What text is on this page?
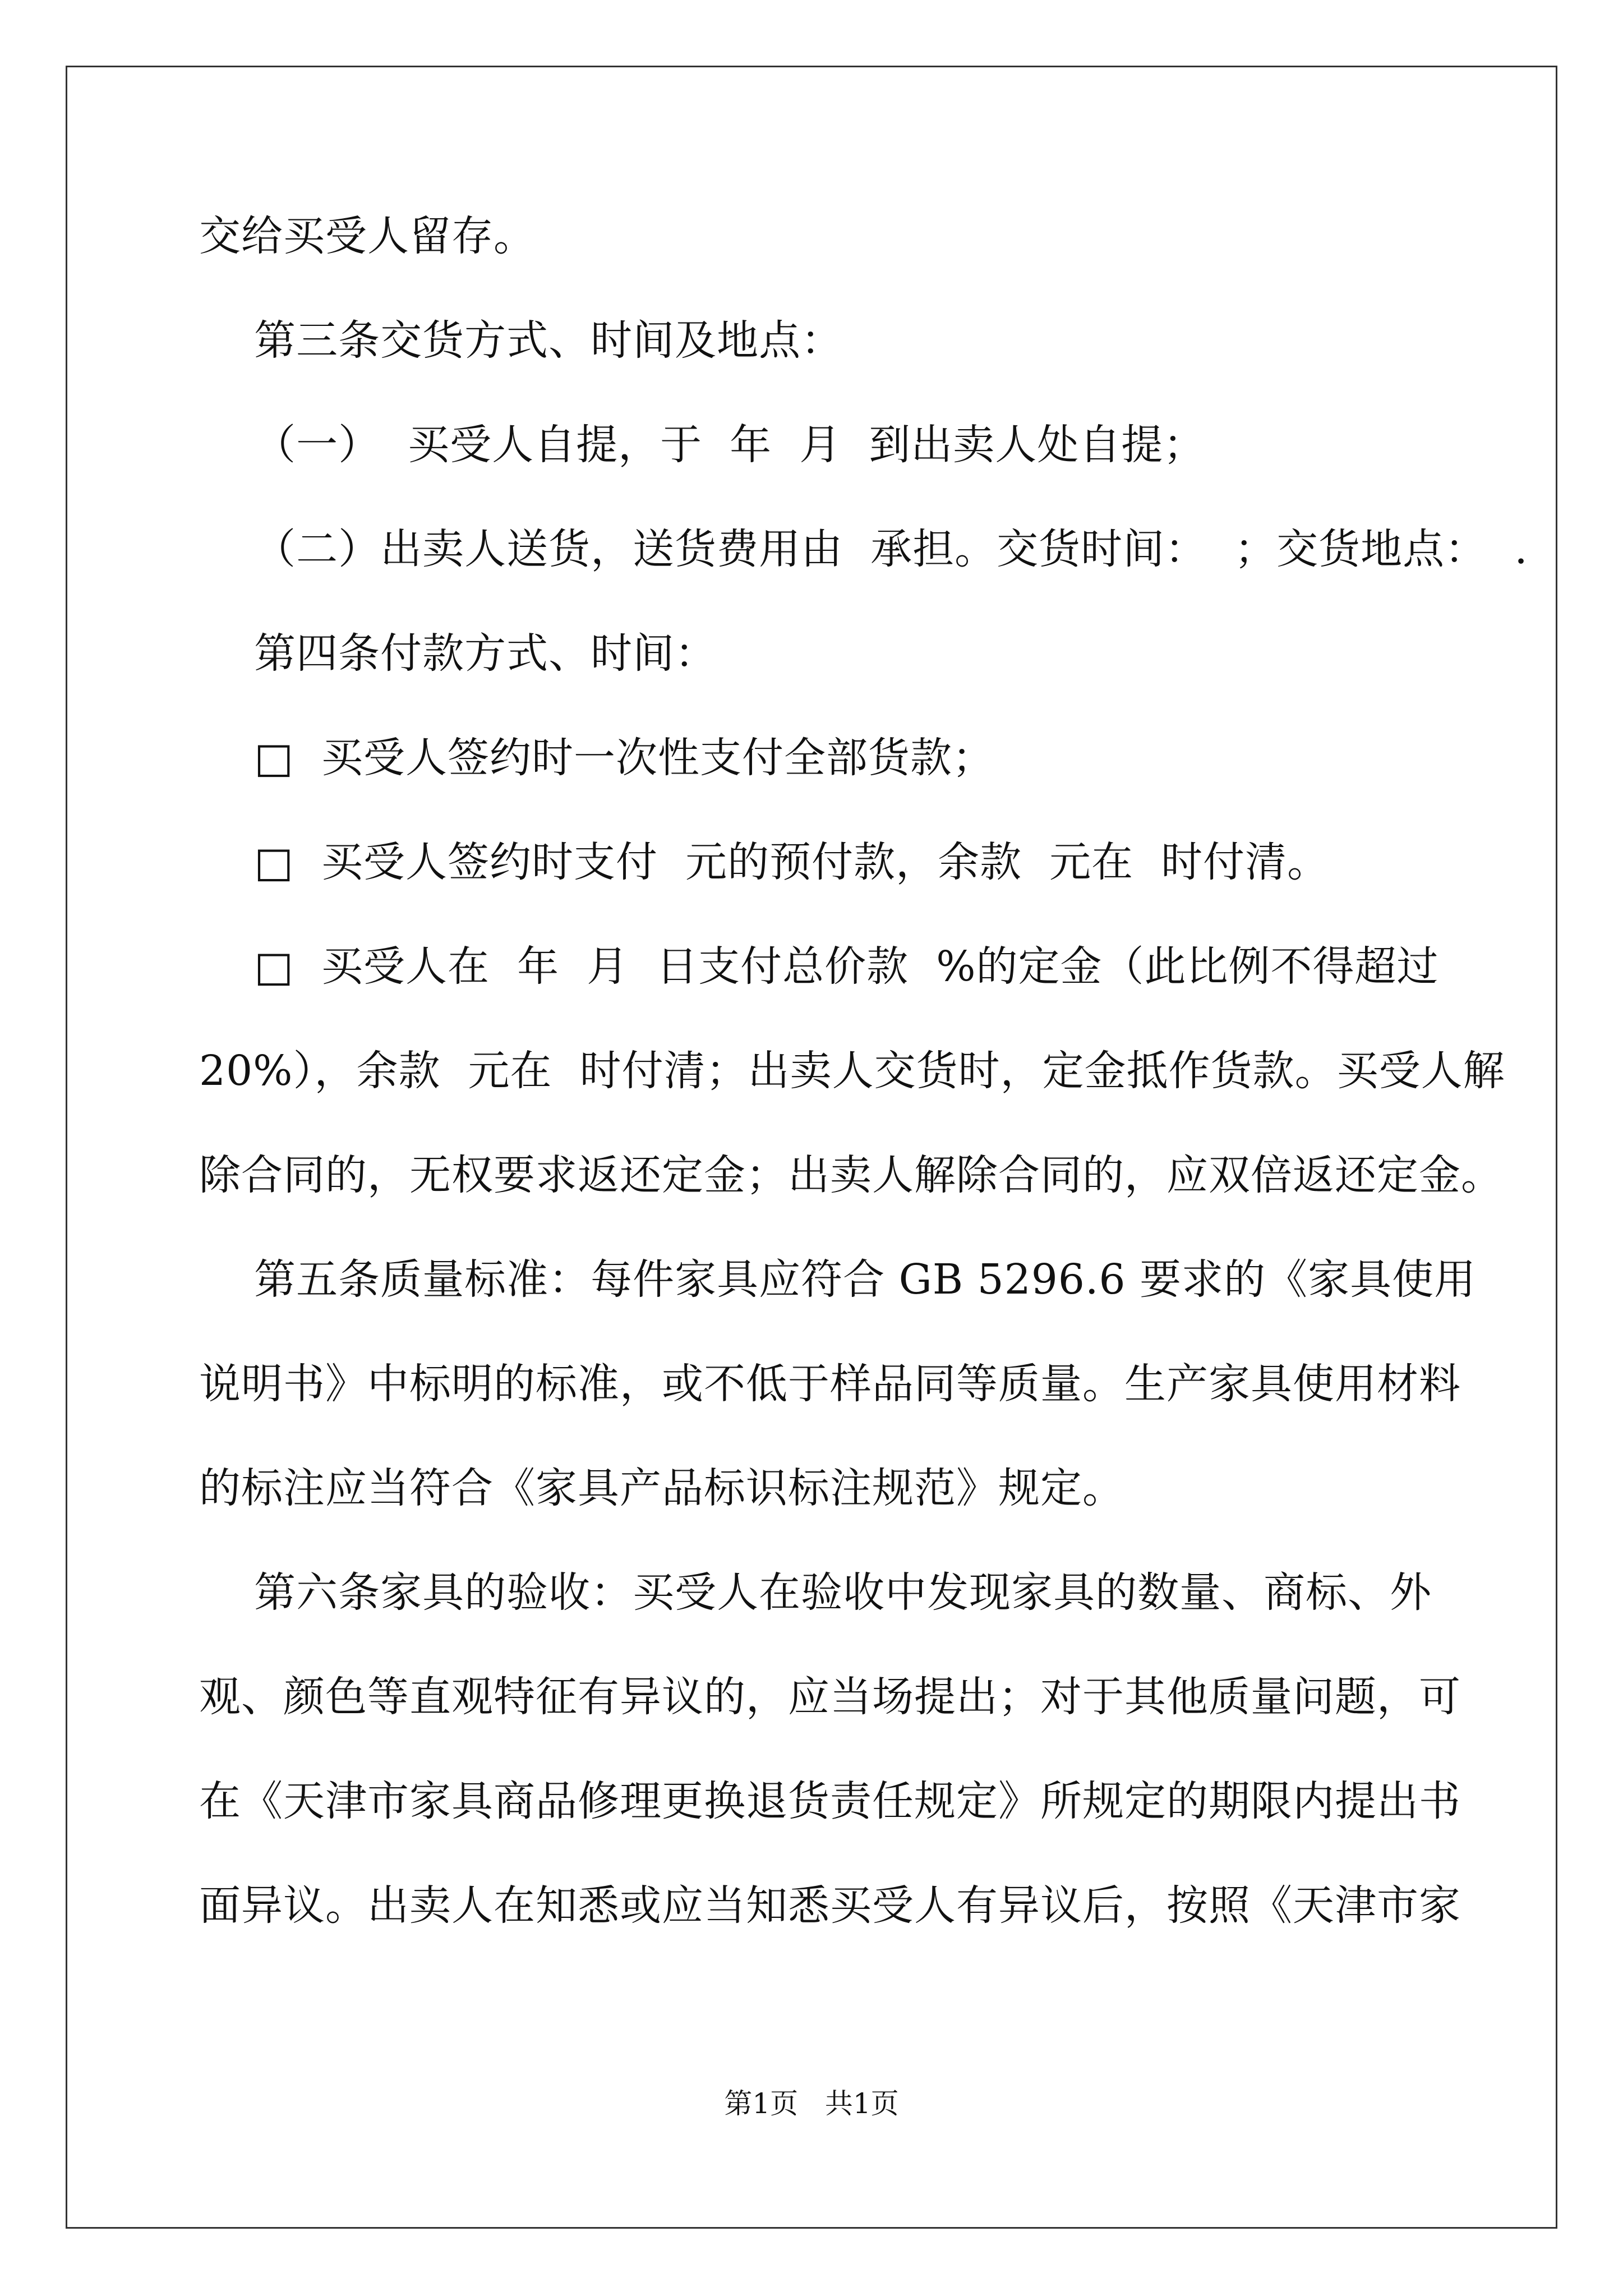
交给买受人留存。
第三条交货方式、时间及地点：
（一）  买受人自提，于  年  月  到出卖人处自提；
（二）出卖人送货，送货费用由  承担。交货时间：  ；交货地点：  .
第四条付款方式、时间：
□  买受人签约时一次性支付全部货款；
□  买受人签约时支付  元的预付款，余款  元在  时付清。
□  买受人在  年  月  日支付总价款  %的定金（此比例不得超过
20%），余款  元在  时付清；出卖人交货时，定金抵作货款。买受人解
除合同的，无权要求返还定金；出卖人解除合同的，应双倍返还定金。
第五条质量标准：每件家具应符合 GB 5296.6 要求的《家具使用
说明书》中标明的标准，或不低于样品同等质量。生产家具使用材料
的标注应当符合《家具产品标识标注规范》规定。
第六条家具的验收：买受人在验收中发现家具的数量、商标、外
观、颜色等直观特征有异议的，应当场提出；对于其他质量问题，可
在《天津市家具商品修理更换退货责任规定》所规定的期限内提出书
面异议。出卖人在知悉或应当知悉买受人有异议后，按照《天津市家
第1页   共1页
